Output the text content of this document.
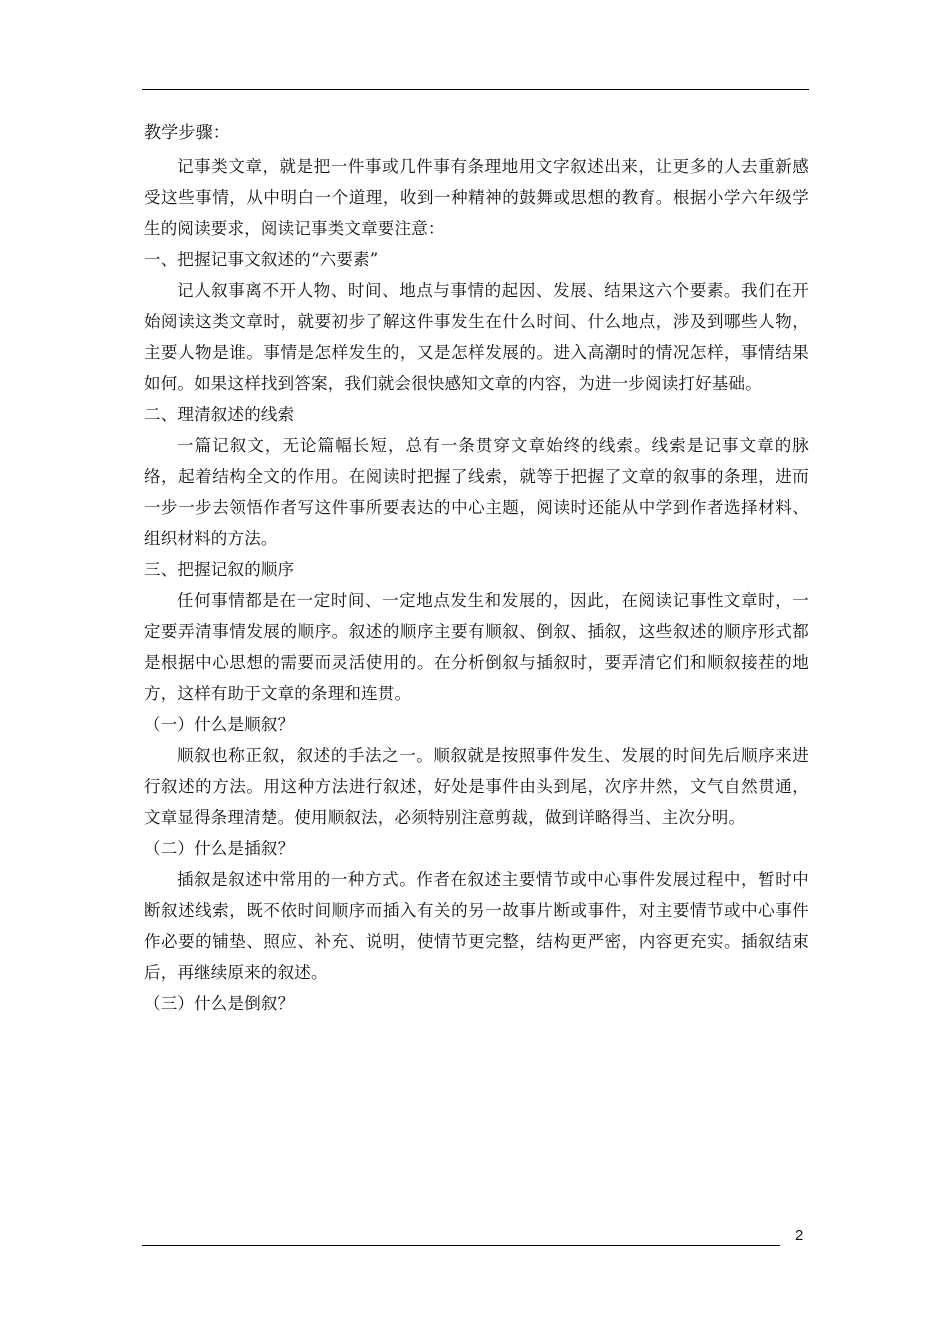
教学步骤：

记事类文章，就是把一件事或几件事有条理地用文字叙述出来，让更多的人去重新感受这些事情，从中明白一个道理，收到一种精神的鼓舞或思想的教育。根据小学六年级学生的阅读要求，阅读记事类文章要注意：

一、把握记事文叙述的“六要素”

记人叙事离不开人物、时间、地点与事情的起因、发展、结果这六个要素。我们在开始阅读这类文章时，就要初步了解这件事发生在什么时间、什么地点，涉及到哪些人物，主要人物是谁。事情是怎样发生的，又是怎样发展的。进入高潮时的情况怎样，事情结果如何。如果这样找到答案，我们就会很快感知文章的内容，为进一步阅读打好基础。

二、理清叙述的线索

一篇记叙文，无论篇幅长短，总有一条贯穿文章始终的线索。线索是记事文章的脉络，起着结构全文的作用。在阅读时把握了线索，就等于把握了文章的叙事的条理，进而一步一步去领悟作者写这件事所要表达的中心主题，阅读时还能从中学到作者选择材料、组织材料的方法。

三、把握记叙的顺序

任何事情都是在一定时间、一定地点发生和发展的，因此，在阅读记事性文章时，一定要弄清事情发展的顺序。叙述的顺序主要有顺叙、倒叙、插叙，这些叙述的顺序形式都是根据中心思想的需要而灵活使用的。在分析倒叙与插叙时，要弄清它们和顺叙接茬的地方，这样有助于文章的条理和连贯。

（一）什么是顺叙？

顺叙也称正叙，叙述的手法之一。顺叙就是按照事件发生、发展的时间先后顺序来进行叙述的方法。用这种方法进行叙述，好处是事件由头到尾，次序井然，文气自然贯通，文章显得条理清楚。使用顺叙法，必须特别注意剪裁，做到详略得当、主次分明。

（二）什么是插叙？

插叙是叙述中常用的一种方式。作者在叙述主要情节或中心事件发展过程中，暂时中断叙述线索，既不依时间顺序而插入有关的另一故事片断或事件，对主要情节或中心事件作必要的铺垫、照应、补充、说明，使情节更完整，结构更严密，内容更充实。插叙结束后，再继续原来的叙述。

（三）什么是倒叙？

2
